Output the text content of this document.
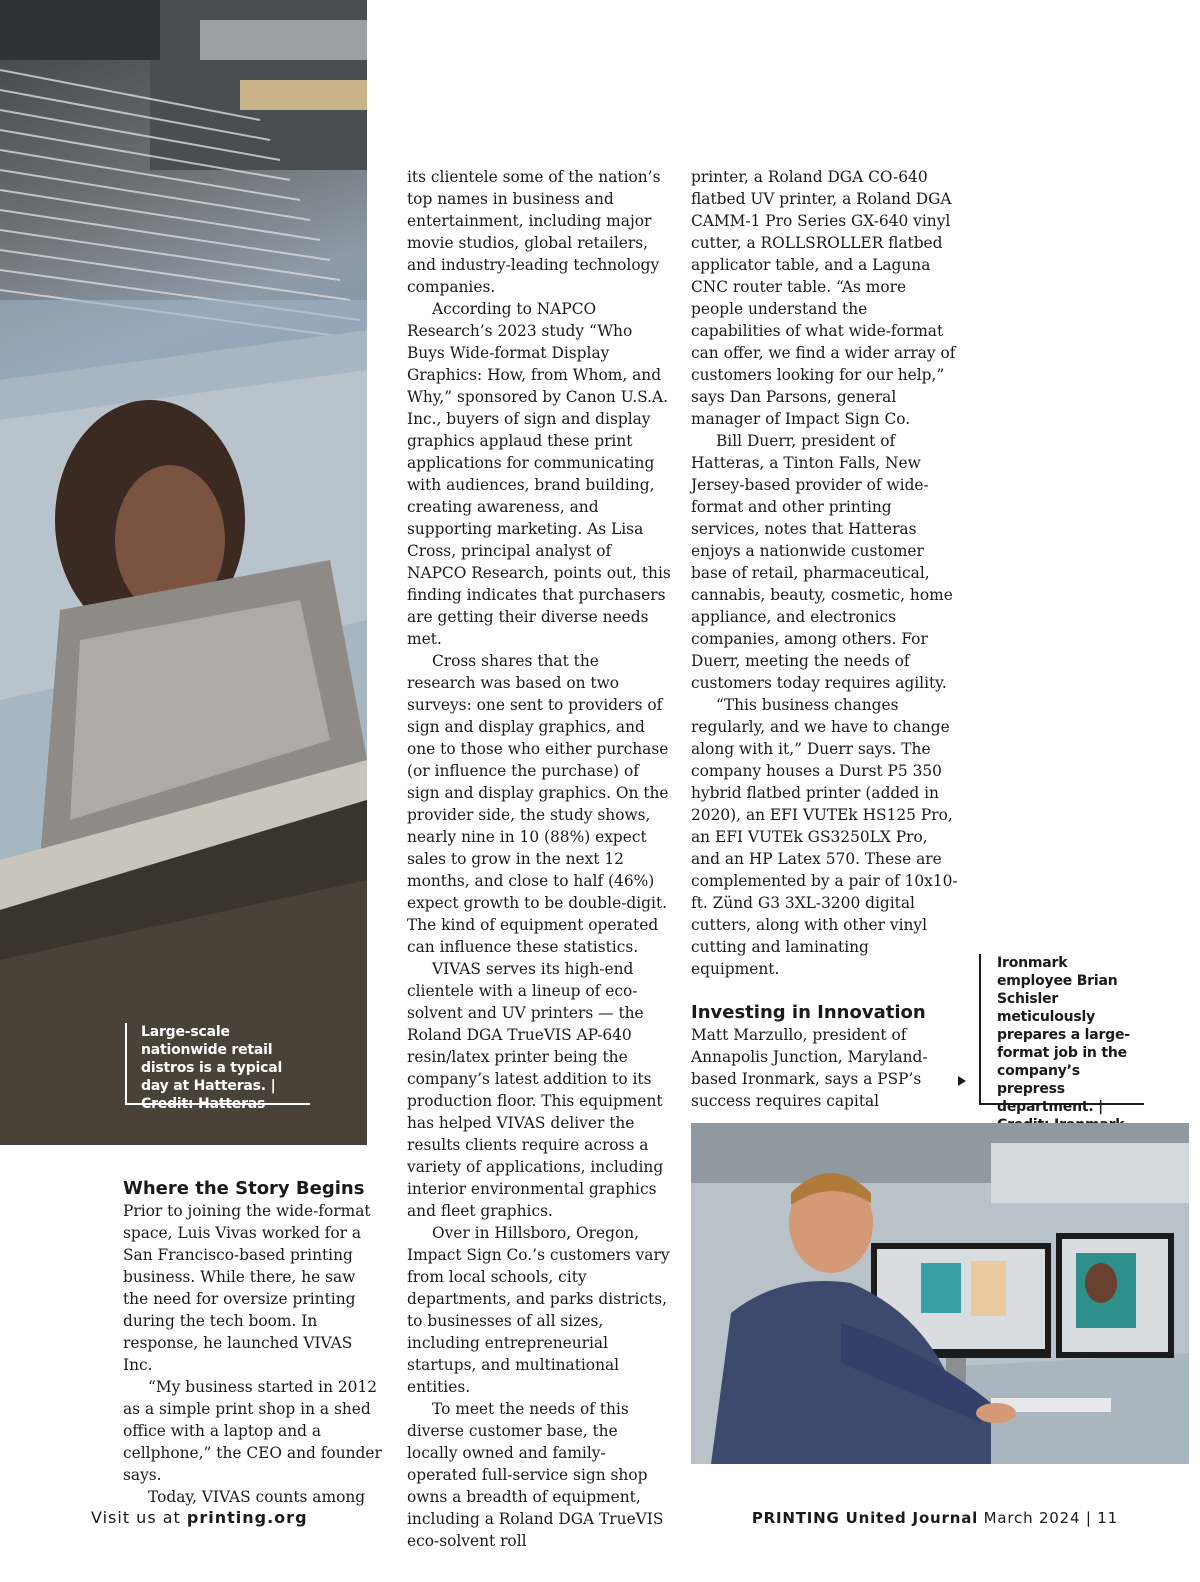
Large-scale nationwide retail distros is a typical day at Hatteras. | Credit: Hatteras

Where the Story Begins

Prior to joining the wide-format space, Luis Vivas worked for a San Francisco-based printing business. While there, he saw the need for oversize printing during the tech boom. In response, he launched VIVAS Inc.

“My business started in 2012 as a simple print shop in a shed office with a laptop and a cellphone,” the CEO and founder says.

Today, VIVAS counts among

its clientele some of the nation’s top names in business and entertainment, including major movie studios, global retailers, and industry-leading technology companies.

According to NAPCO Research’s 2023 study “Who Buys Wide-format Display Graphics: How, from Whom, and Why,” sponsored by Canon U.S.A. Inc., buyers of sign and display graphics applaud these print applications for communicating with audiences, brand building, creating awareness, and supporting marketing. As Lisa Cross, principal analyst of NAPCO Research, points out, this finding indicates that purchasers are getting their diverse needs met.

Cross shares that the research was based on two surveys: one sent to providers of sign and display graphics, and one to those who either purchase (or influence the purchase) of sign and display graphics. On the provider side, the study shows, nearly nine in 10 (88%) expect sales to grow in the next 12 months, and close to half (46%) expect growth to be double-digit. The kind of equipment operated can influence these statistics.

VIVAS serves its high-end clientele with a lineup of eco-solvent and UV printers — the Roland DGA TrueVIS AP-640 resin/latex printer being the company’s latest addition to its production floor. This equipment has helped VIVAS deliver the results clients require across a variety of applications, including interior environmental graphics and fleet graphics.

Over in Hillsboro, Oregon, Impact Sign Co.’s customers vary from local schools, city departments, and parks districts, to businesses of all sizes, including entrepreneurial startups, and multinational entities.

To meet the needs of this diverse customer base, the locally owned and family-operated full-service sign shop owns a breadth of equipment, including a Roland DGA TrueVIS eco-solvent roll

printer, a Roland DGA CO-640 flatbed UV printer, a Roland DGA CAMM-1 Pro Series GX-640 vinyl cutter, a ROLLSROLLER flatbed applicator table, and a Laguna CNC router table. “As more people understand the capabilities of what wide-format can offer, we find a wider array of customers looking for our help,” says Dan Parsons, general manager of Impact Sign Co.

Bill Duerr, president of Hatteras, a Tinton Falls, New Jersey-based provider of wide-format and other printing services, notes that Hatteras enjoys a nationwide customer base of retail, pharmaceutical, cannabis, beauty, cosmetic, home appliance, and electronics companies, among others. For Duerr, meeting the needs of customers today requires agility.

“This business changes regularly, and we have to change along with it,” Duerr says. The company houses a Durst P5 350 hybrid flatbed printer (added in 2020), an EFI VUTEk HS125 Pro, an EFI VUTEk GS3250LX Pro, and an HP Latex 570. These are complemented by a pair of 10x10-ft. Zünd G3 3XL-3200 digital cutters, along with other vinyl cutting and laminating equipment.

Investing in Innovation

Matt Marzullo, president of Annapolis Junction, Maryland-based Ironmark, says a PSP’s success requires capital

Ironmark employee Brian Schisler meticulously prepares a large-format job in the company’s prepress department. |

Visit us at printing.org	PRINTING United Journal March 2024 | 11
